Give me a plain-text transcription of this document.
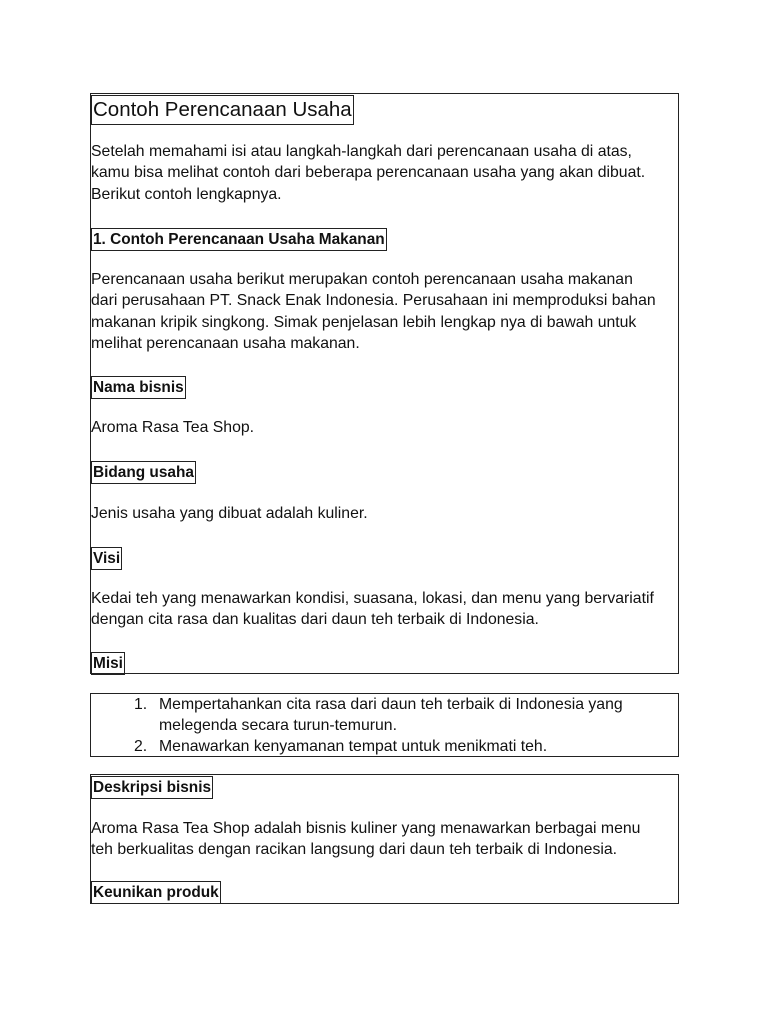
Contoh Perencanaan Usaha
Setelah memahami isi atau langkah-langkah dari perencanaan usaha di atas,
kamu bisa melihat contoh dari beberapa perencanaan usaha yang akan dibuat.
Berikut contoh lengkapnya.
1. Contoh Perencanaan Usaha Makanan
Perencanaan usaha berikut merupakan contoh perencanaan usaha makanan
dari perusahaan PT. Snack Enak Indonesia. Perusahaan ini memproduksi bahan
makanan kripik singkong. Simak penjelasan lebih lengkap nya di bawah untuk
melihat perencanaan usaha makanan.
Nama bisnis
Aroma Rasa Tea Shop.
Bidang usaha
Jenis usaha yang dibuat adalah kuliner.
Visi
Kedai teh yang menawarkan kondisi, suasana, lokasi, dan menu yang bervariatif
dengan cita rasa dan kualitas dari daun teh terbaik di Indonesia.
Misi
1. Mempertahankan cita rasa dari daun teh terbaik di Indonesia yang
melegenda secara turun-temurun.
2. Menawarkan kenyamanan tempat untuk menikmati teh.
Deskripsi bisnis
Aroma Rasa Tea Shop adalah bisnis kuliner yang menawarkan berbagai menu
teh berkualitas dengan racikan langsung dari daun teh terbaik di Indonesia.
Keunikan produk
